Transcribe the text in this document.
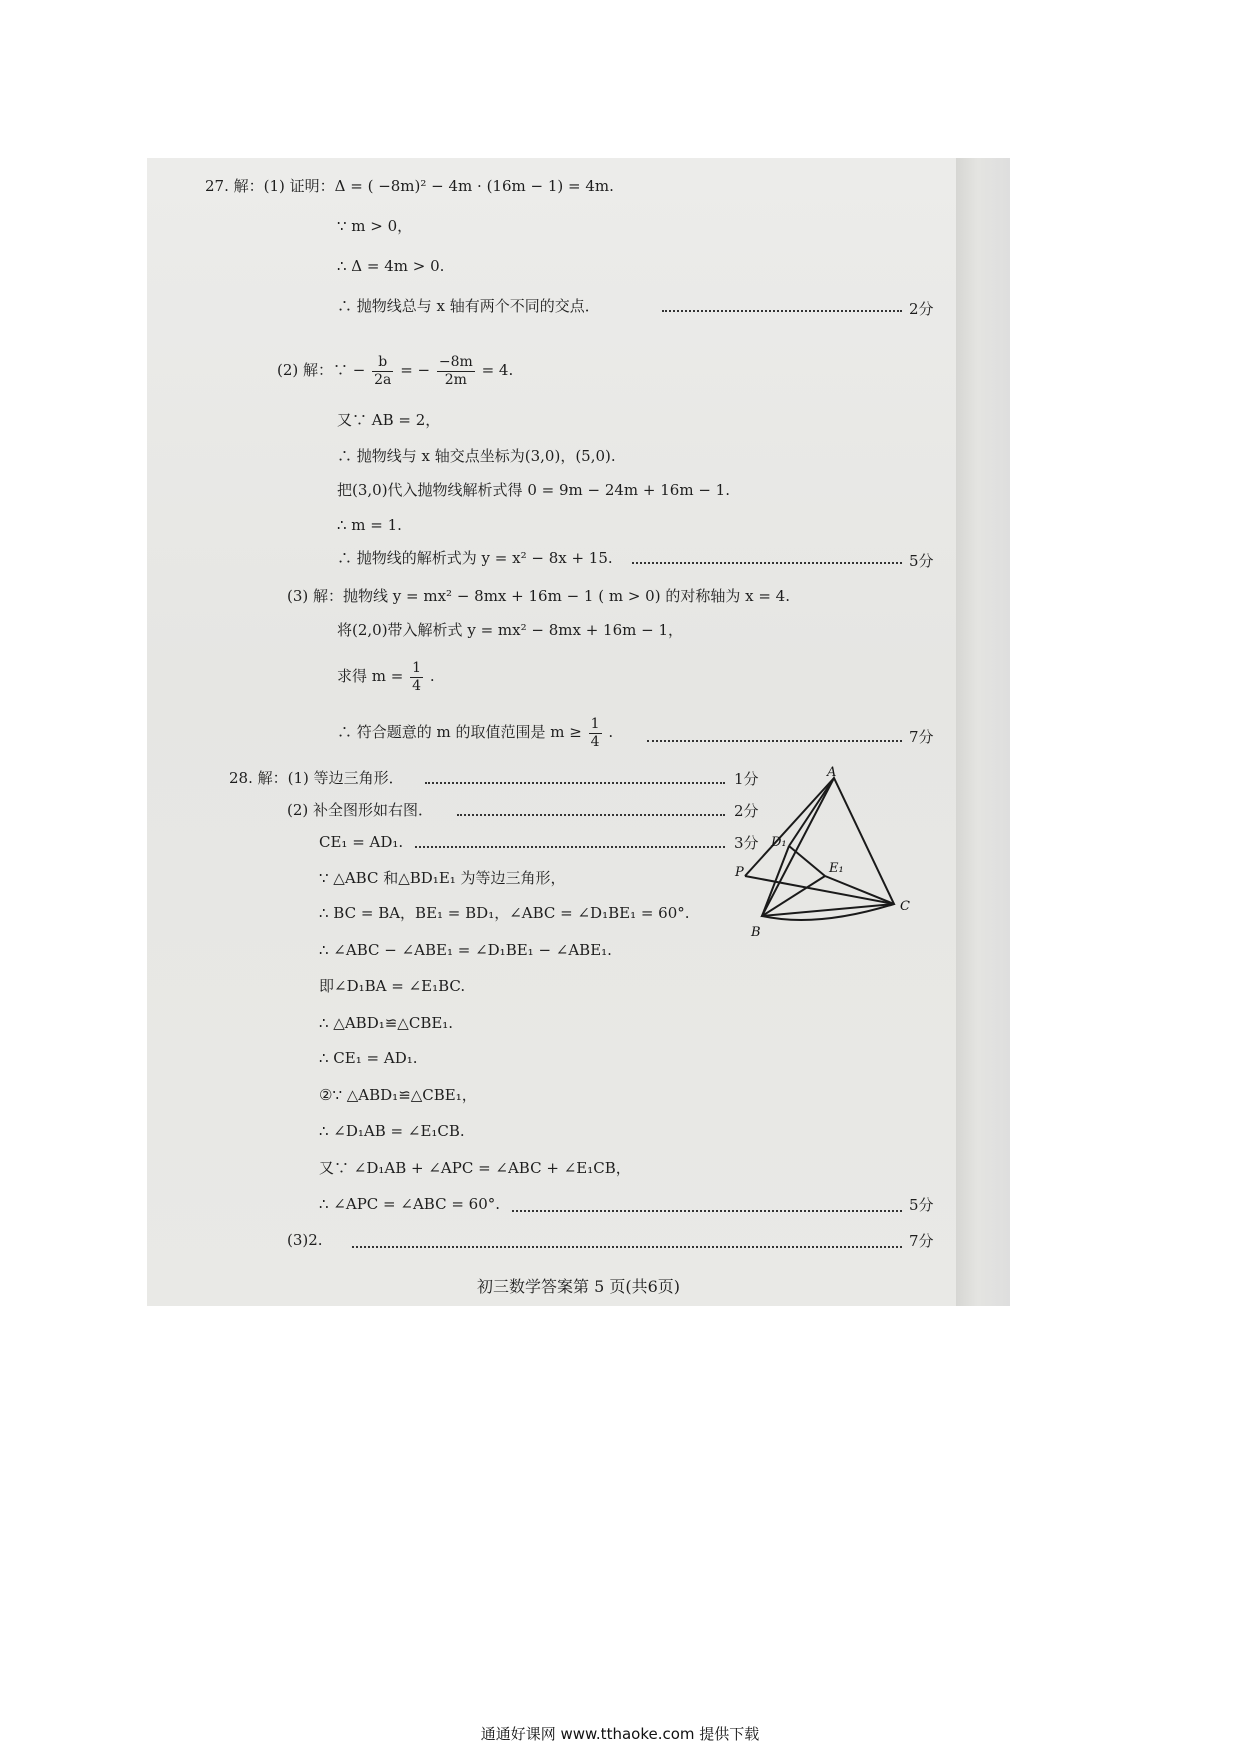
27. 解：(1) 证明：Δ = ( −8m)² − 4m · (16m − 1) = 4m.
∵ m > 0，
∴ Δ = 4m > 0.
∴ 抛物线总与 x 轴有两个不同的交点．	2分
(2) 解：∵ − $\frac{b}{2a}$ = − $\frac{-8m}{2m} = 4$.
又∵ AB = 2，
∴ 抛物线与 x 轴交点坐标为(3,0)，(5,0).
把(3,0)代入抛物线解析式得 0 = 9m − 24m + 16m − 1.
∴ m = 1.
∴ 抛物线的解析式为 y = x² − 8x + 15.	5分
(3) 解：抛物线 y = mx² − 8mx + 16m − 1 ( m > 0) 的对称轴为 x = 4.
将(2,0)带入解析式 y = mx² − 8mx + 16m − 1，
求得 $m = \frac{1}{4}$ .
∴ 符合题意的 m 的取值范围是 $m \ge \frac{1}{4}$ .	7分
28. 解：(1) 等边三角形．	1分
(2) 补全图形如右图．	2分
CE₁ = AD₁.	3分
∵ △ABC 和△BD₁E₁ 为等边三角形，
∴ BC = BA，BE₁ = BD₁，∠ABC = ∠D₁BE₁ = 60°.
∴ ∠ABC − ∠ABE₁ = ∠D₁BE₁ − ∠ABE₁.
即∠D₁BA = ∠E₁BC.
∴ △ABD₁≌△CBE₁.
∴ CE₁ = AD₁.
②∵ △ABD₁≌△CBE₁，
∴ ∠D₁AB = ∠E₁CB.
又∵ ∠D₁AB + ∠APC = ∠ABC + ∠E₁CB，
∴ ∠APC = ∠ABC = 60°.	5分
(3)2.	7分
A
B
C
D₁
E₁
P
初三数学答案第 5 页(共6页)
通通好课网 www.tthaoke.com 提供下载
